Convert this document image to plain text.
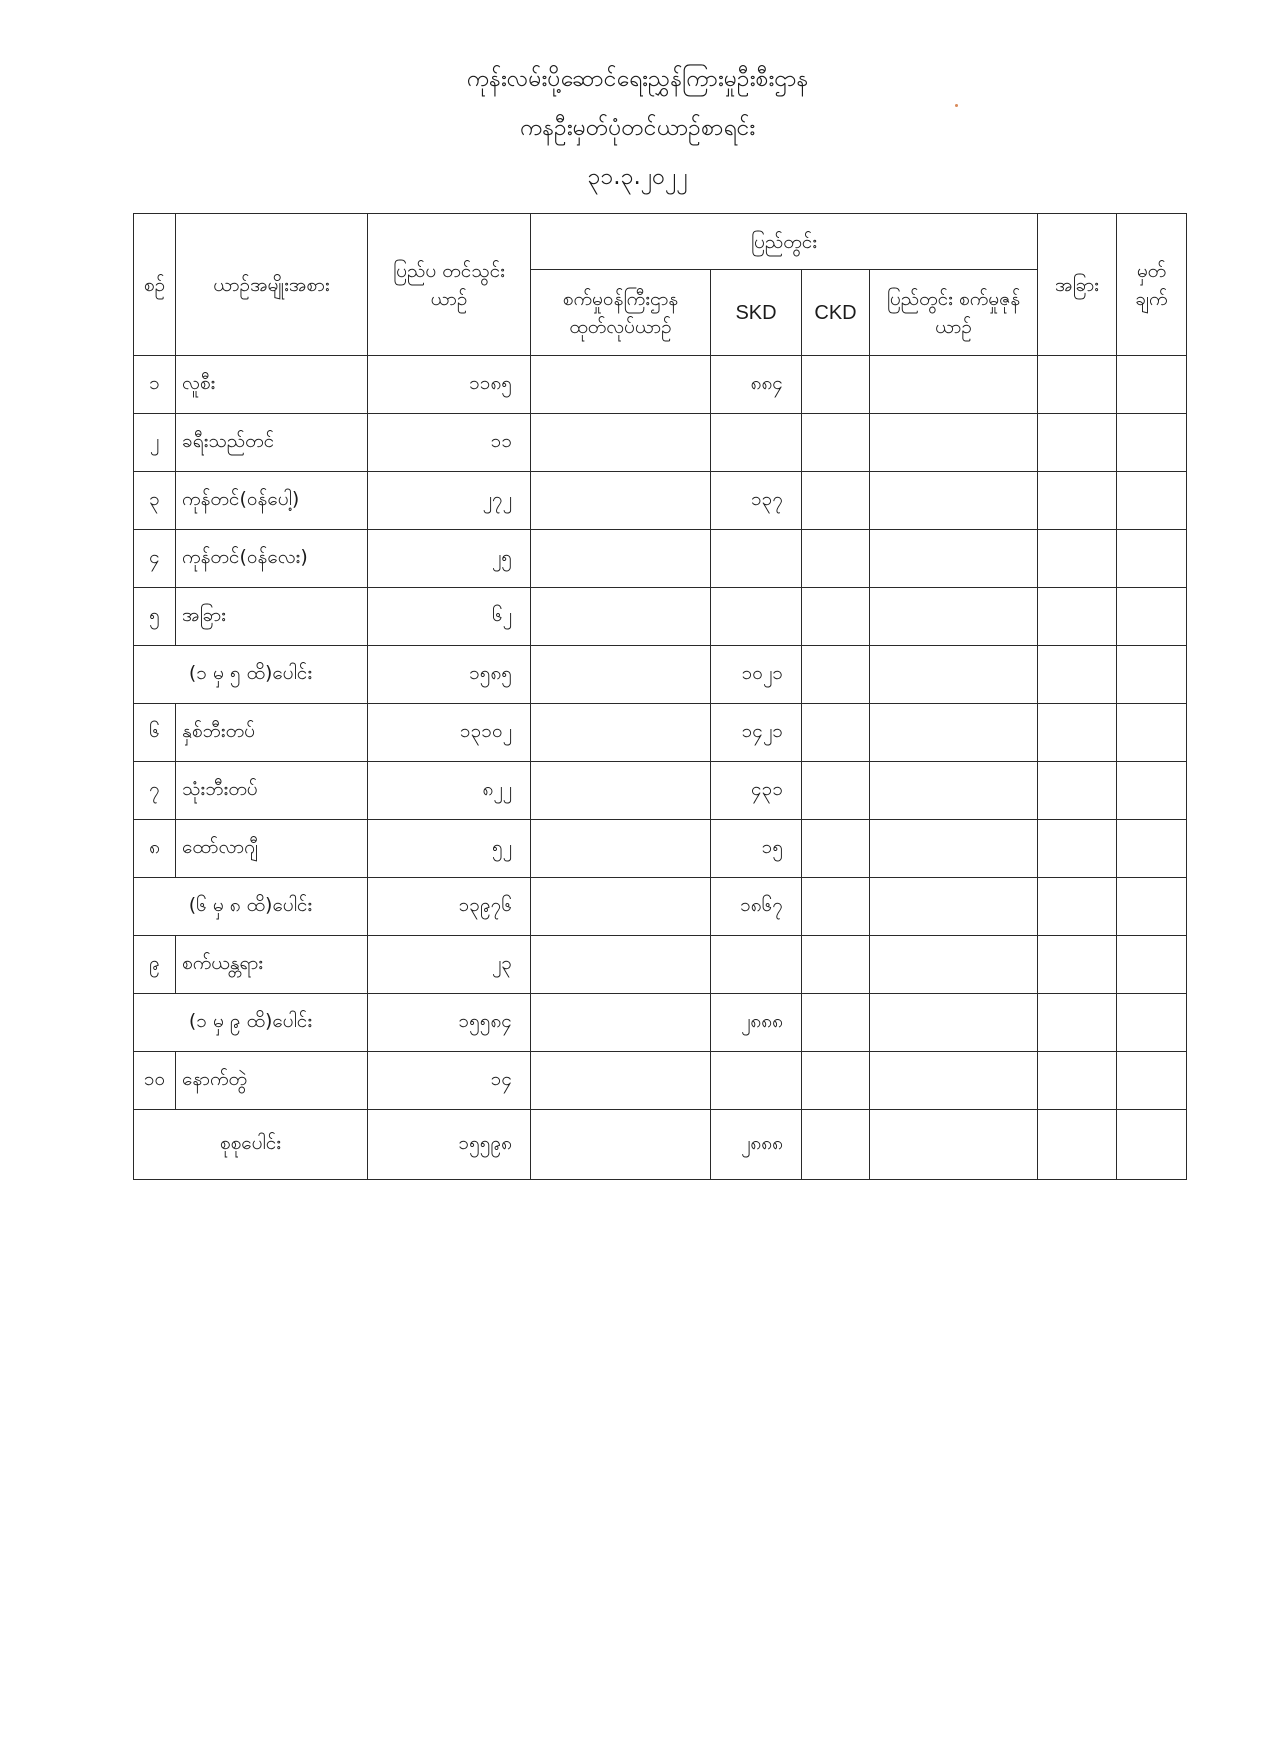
ကုန်းလမ်းပို့ဆောင်ရေးညွှန်ကြားမှုဦးစီးဌာန
ကနဦးမှတ်ပုံတင်ယာဉ်စာရင်း
၃၁.၃.၂၀၂၂
စဉ်	ယာဉ်အမျိုးအစား	ပြည်ပ တင်သွင်းယာဉ်	ပြည်တွင်း				အခြား	မှတ် ချက်
			စက်မှုဝန်ကြီးဌာန ထုတ်လုပ်ယာဉ်	SKD	CKD	ပြည်တွင်း စက်မှုဇုန်ယာဉ်		
၁	လူစီး	၁၁၈၅		၈၈၄				
၂	ခရီးသည်တင်	၁၁						
၃	ကုန်တင်(ဝန်ပေါ့)	၂၇၂		၁၃၇				
၄	ကုန်တင်(ဝန်လေး)	၂၅						
၅	အခြား	၆၂						
(၁ မှ ၅ ထိ)ပေါင်း		၁၅၈၅		၁၀၂၁				
၆	နှစ်ဘီးတပ်	၁၃၁၀၂		၁၄၂၁				
၇	သုံးဘီးတပ်	၈၂၂		၄၃၁				
၈	ထော်လာဂျီ	၅၂		၁၅				
(၆ မှ ၈ ထိ)ပေါင်း		၁၃၉၇၆		၁၈၆၇				
၉	စက်ယန္တရား	၂၃						
(၁ မှ ၉ ထိ)ပေါင်း		၁၅၅၈၄		၂၈၈၈				
၁၀	နောက်တွဲ	၁၄						
စုစုပေါင်း		၁၅၅၉၈		၂၈၈၈				
